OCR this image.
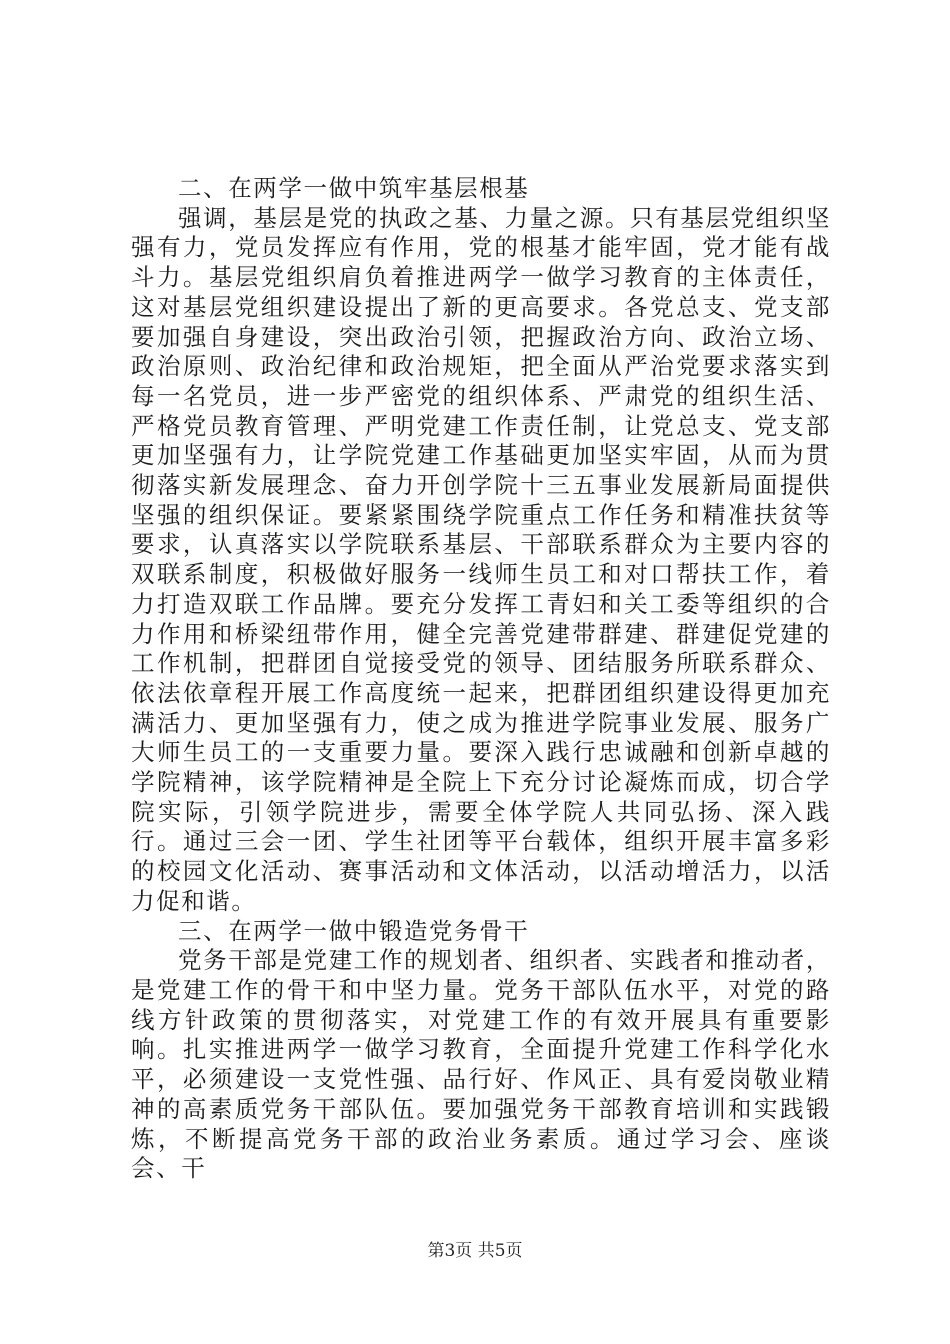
二、在两学一做中筑牢基层根基

强调，基层是党的执政之基、力量之源。只有基层党组织坚强有力，党员发挥应有作用，党的根基才能牢固，党才能有战斗力。基层党组织肩负着推进两学一做学习教育的主体责任，这对基层党组织建设提出了新的更高要求。各党总支、党支部要加强自身建设，突出政治引领，把握政治方向、政治立场、政治原则、政治纪律和政治规矩，把全面从严治党要求落实到每一名党员，进一步严密党的组织体系、严肃党的组织生活、严格党员教育管理、严明党建工作责任制，让党总支、党支部更加坚强有力，让学院党建工作基础更加坚实牢固，从而为贯彻落实新发展理念、奋力开创学院十三五事业发展新局面提供坚强的组织保证。要紧紧围绕学院重点工作任务和精准扶贫等要求，认真落实以学院联系基层、干部联系群众为主要内容的双联系制度，积极做好服务一线师生员工和对口帮扶工作，着力打造双联工作品牌。要充分发挥工青妇和关工委等组织的合力作用和桥梁纽带作用，健全完善党建带群建、群建促党建的工作机制，把群团自觉接受党的领导、团结服务所联系群众、依法依章程开展工作高度统一起来，把群团组织建设得更加充满活力、更加坚强有力，使之成为推进学院事业发展、服务广大师生员工的一支重要力量。要深入践行忠诚融和创新卓越的学院精神，该学院精神是全院上下充分讨论凝炼而成，切合学院实际，引领学院进步，需要全体学院人共同弘扬、深入践行。通过三会一团、学生社团等平台载体，组织开展丰富多彩的校园文化活动、赛事活动和文体活动，以活动增活力，以活力促和谐。

三、在两学一做中锻造党务骨干

党务干部是党建工作的规划者、组织者、实践者和推动者，是党建工作的骨干和中坚力量。党务干部队伍水平，对党的路线方针政策的贯彻落实，对党建工作的有效开展具有重要影响。扎实推进两学一做学习教育，全面提升党建工作科学化水平，必须建设一支党性强、品行好、作风正、具有爱岗敬业精神的高素质党务干部队伍。要加强党务干部教育培训和实践锻炼，不断提高党务干部的政治业务素质。通过学习会、座谈会、干

第3页 共5页
